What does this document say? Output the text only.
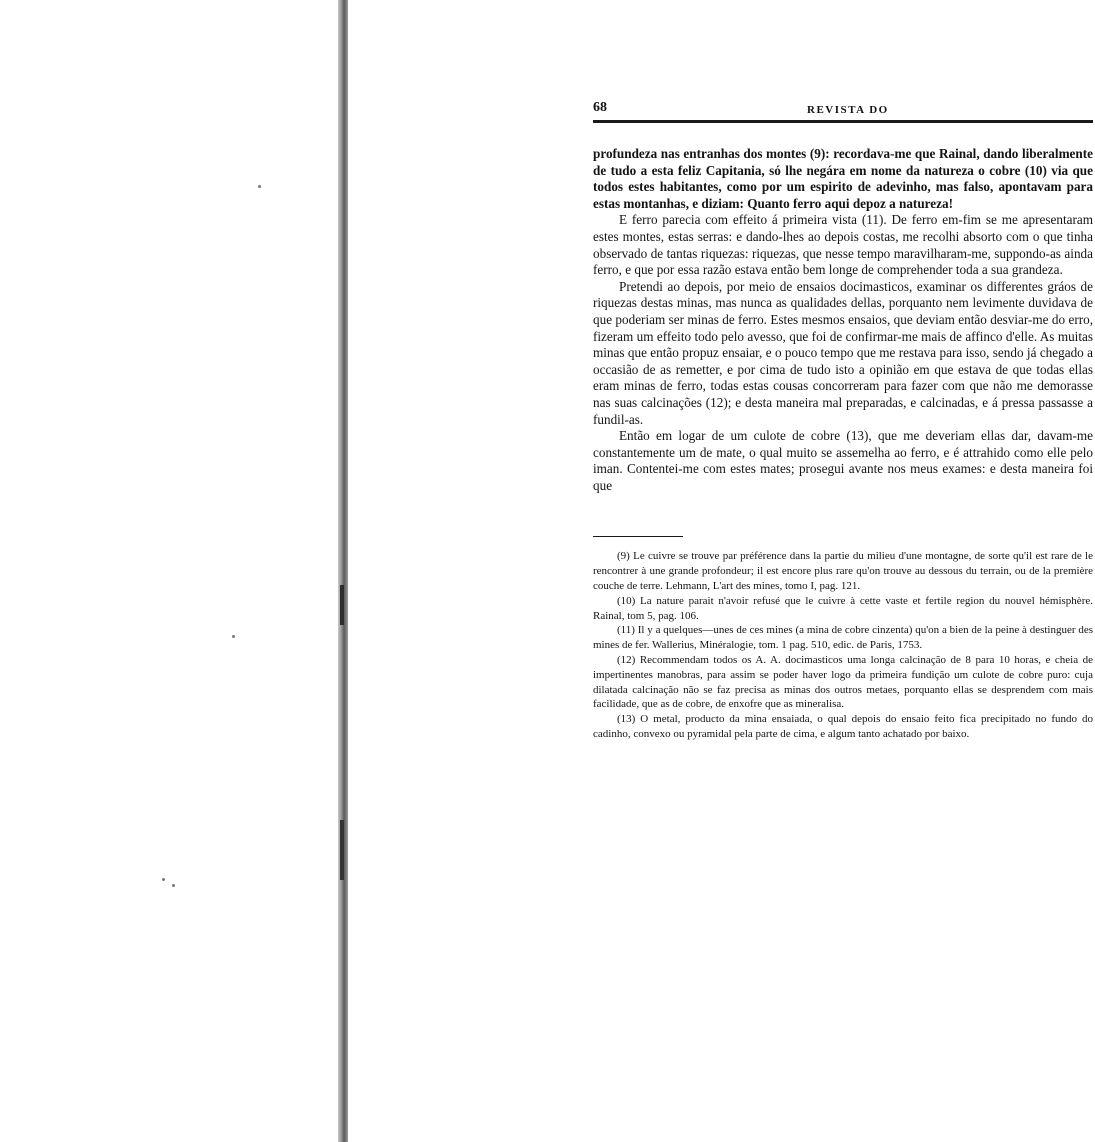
68	REVISTA DO

profundeza nas entranhas dos montes (9): recordava-me que Rainal, dando liberalmente de tudo a esta feliz Capitania, só lhe negára em nome da natureza o cobre (10) via que todos estes habitantes, como por um espirito de adevinho, mas falso, apontavam para estas montanhas, e diziam: Quanto ferro aqui depoz a natureza!

E ferro parecia com effeito á primeira vista (11). De ferro em-fim se me apresentaram estes montes, estas serras: e dando-lhes ao depois costas, me recolhi absorto com o que tinha observado de tantas riquezas: riquezas, que nesse tempo maravilharam-me, suppondo-as ainda ferro, e que por essa razão estava então bem longe de comprehender toda a sua grandeza.

Pretendi ao depois, por meio de ensaios docimasticos, examinar os differentes gráos de riquezas destas minas, mas nunca as qualidades dellas, porquanto nem levimente duvidava de que poderiam ser minas de ferro. Estes mesmos ensaios, que deviam então desviar-me do erro, fizeram um effeito todo pelo avesso, que foi de confirmar-me mais de affinco d'elle. As muitas minas que então propuz ensaiar, e o pouco tempo que me restava para isso, sendo já chegado a occasião de as remetter, e por cima de tudo isto a opinião em que estava de que todas ellas eram minas de ferro, todas estas cousas concorreram para fazer com que não me demorasse nas suas calcinações (12); e desta maneira mal preparadas, e calcinadas, e á pressa passasse a fundil-as.

Então em logar de um culote de cobre (13), que me deveriam ellas dar, davam-me constantemente um de mate, o qual muito se assemelha ao ferro, e é attrahido como elle pelo iman. Contentei-me com estes mates; prosegui avante nos meus exames: e desta maneira foi que

(9) Le cuivre se trouve par préférence dans la partie du milieu d'une montagne, de sorte qu'il est rare de le rencontrer à une grande profondeur; il est encore plus rare qu'on trouve au dessous du terrain, ou de la première couche de terre. Lehmann, L'art des mines, tomo I, pag. 121.

(10) La nature parait n'avoir refusé que le cuivre à cette vaste et fertile region du nouvel hémisphère. Rainal, tom 5, pag. 106.

(11) Il y a quelques—unes de ces mines (a mina de cobre cinzenta) qu'on a bien de la peine à destinguer des mines de fer. Wallerius, Minéralogie, tom. 1 pag. 510, edic. de Paris, 1753.

(12) Recommendam todos os A. A. docimasticos uma longa calcinação de 8 para 10 horas, e cheia de impertinentes manobras, para assim se poder haver logo da primeira fundição um culote de cobre puro: cuja dilatada calcinação não se faz precisa as minas dos outros metaes, porquanto ellas se desprendem com mais facilidade, que as de cobre, de enxofre que as mineralisa.

(13) O metal, producto da mina ensaiada, o qual depois do ensaio feito fica precipitado no fundo do cadinho, convexo ou pyramidal pela parte de cima, e algum tanto achatado por baixo.
